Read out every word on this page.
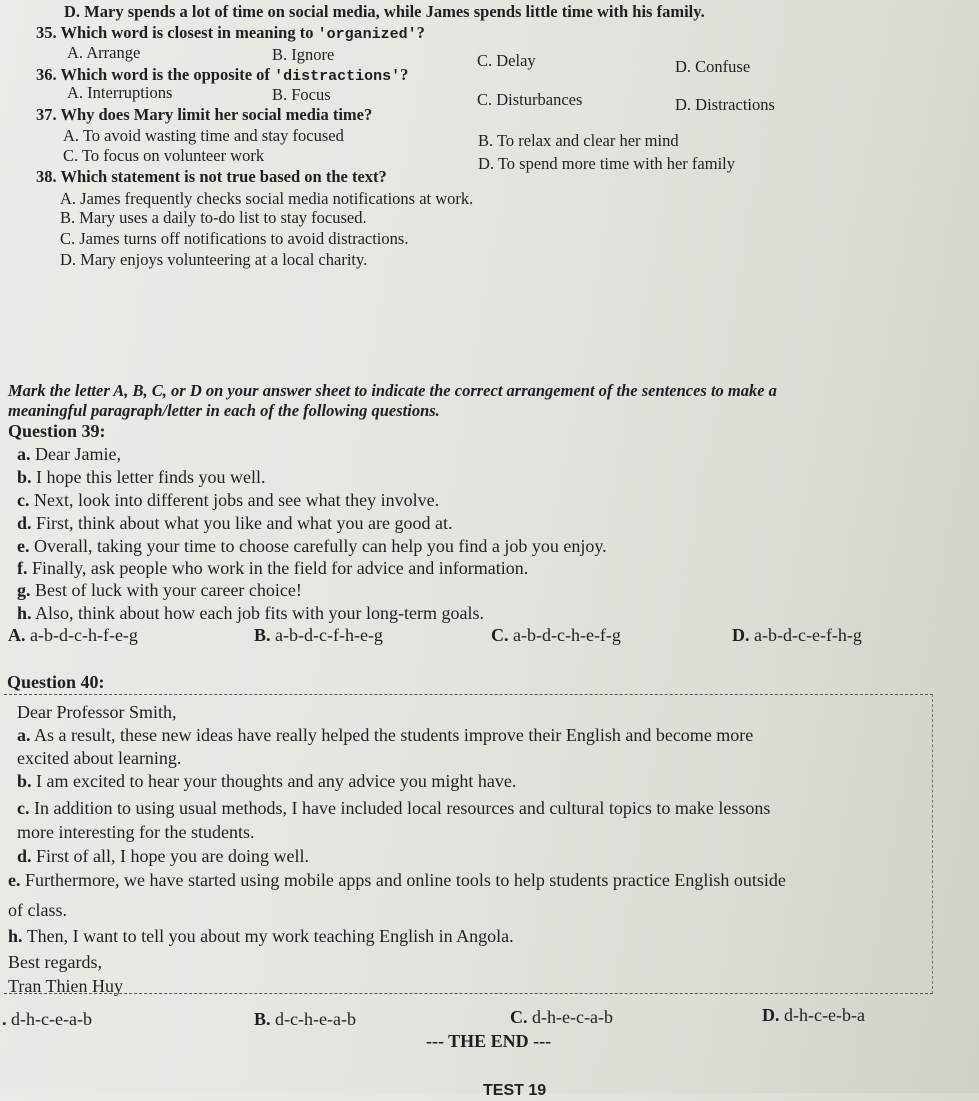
D. Mary spends a lot of time on social media, while James spends little time with his family.
35. Which word is closest in meaning to 'organized'?
A. Arrange	B. Ignore	C. Delay	D. Confuse
36. Which word is the opposite of 'distractions'?
A. Interruptions	B. Focus	C. Disturbances	D. Distractions
37. Why does Mary limit her social media time?
A. To avoid wasting time and stay focused	B. To relax and clear her mind
C. To focus on volunteer work	D. To spend more time with her family
38. Which statement is not true based on the text?
A. James frequently checks social media notifications at work.
B. Mary uses a daily to-do list to stay focused.
C. James turns off notifications to avoid distractions.
D. Mary enjoys volunteering at a local charity.
Mark the letter A, B, C, or D on your answer sheet to indicate the correct arrangement of the sentences to make a
meaningful paragraph/letter in each of the following questions.
Question 39:
a. Dear Jamie,
b. I hope this letter finds you well.
c. Next, look into different jobs and see what they involve.
d. First, think about what you like and what you are good at.
e. Overall, taking your time to choose carefully can help you find a job you enjoy.
f. Finally, ask people who work in the field for advice and information.
g. Best of luck with your career choice!
h. Also, think about how each job fits with your long-term goals.
A. a-b-d-c-h-f-e-g	B. a-b-d-c-f-h-e-g	C. a-b-d-c-h-e-f-g	D. a-b-d-c-e-f-h-g
Question 40:
Dear Professor Smith,
a. As a result, these new ideas have really helped the students improve their English and become more
excited about learning.
b. I am excited to hear your thoughts and any advice you might have.
c. In addition to using usual methods, I have included local resources and cultural topics to make lessons
more interesting for the students.
d. First of all, I hope you are doing well.
e. Furthermore, we have started using mobile apps and online tools to help students practice English outside
of class.
h. Then, I want to tell you about my work teaching English in Angola.
Best regards,
Tran Thien Huy
. d-h-c-e-a-b	B. d-c-h-e-a-b	C. d-h-e-c-a-b	D. d-h-c-e-b-a
--- THE END ---
TEST 19
